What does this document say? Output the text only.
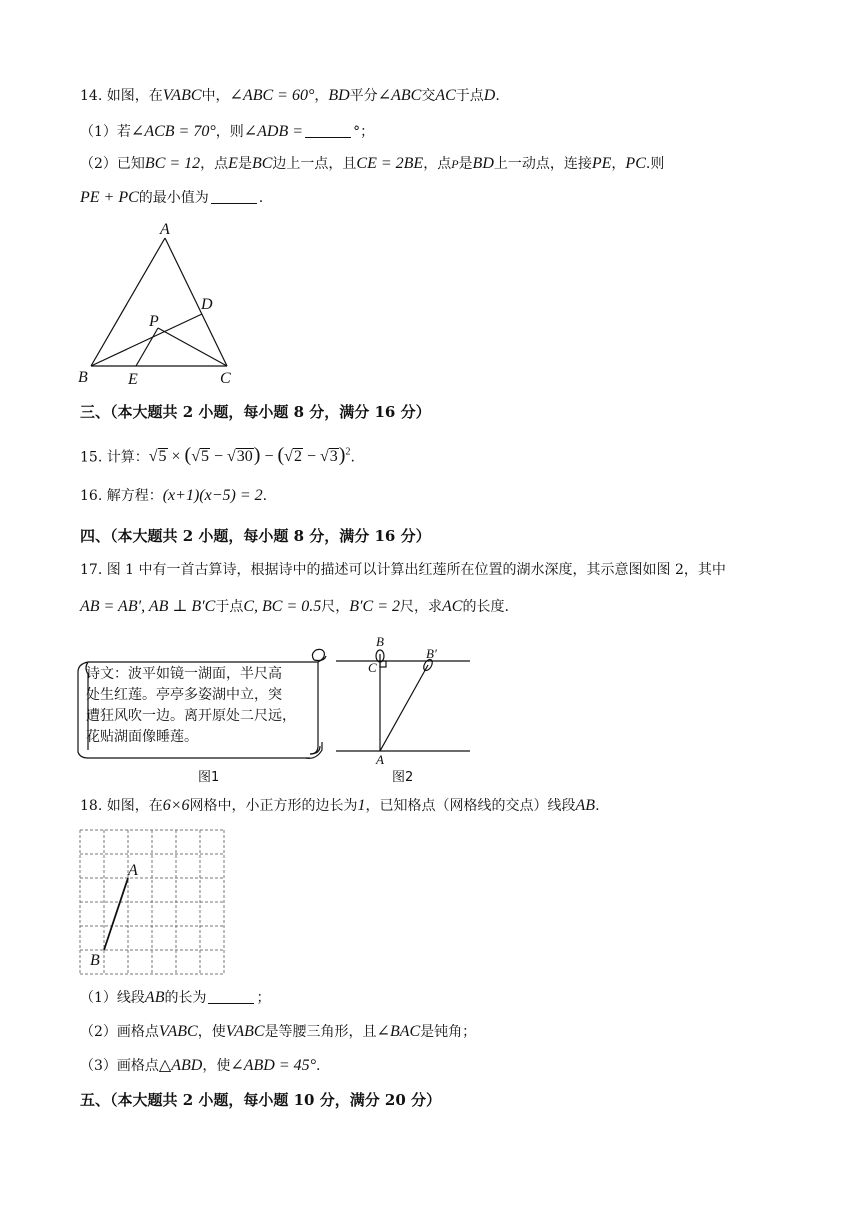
14. 如图，在VABC中，∠ABC = 60°，BD平分∠ABC交AC于点D.
（1）若∠ACB = 70°，则∠ADB =	°；
（2）已知BC = 12，点E是BC边上一点，且CE = 2BE，点P是BD上一动点，连接PE，PC.则
PE + PC的最小值为	.
A
B	C
D
E
P
三、（本大题共 2 小题，每小题 8 分，满分 16 分）
15. 计算：$√5 \times (√5 - √30) - (√2 - √3)^2$.
16. 解方程：(x+1)(x−5) = 2.
四、（本大题共 2 小题，每小题 8 分，满分 16 分）
17. 图 1 中有一首古算诗，根据诗中的描述可以计算出红莲所在位置的湖水深度，其示意图如图 2，其中
AB = AB′, AB ⊥ B′C于点C, BC = 0.5尺，B′C = 2尺，求AC的长度.
诗文：波平如镜一湖面，半尺高
处生红莲。亭亭多姿湖中立，突
遭狂风吹一边。离开原处二尺远，
花贴湖面像睡莲。
图1
B
B′
C
A
图2
18. 如图，在6×6网格中，小正方形的边长为1，已知格点（网格线的交点）线段AB.
A
B
（1）线段AB的长为	；
（2）画格点VABC，使VABC是等腰三角形，且∠BAC是钝角；
（3）画格点△ABD，使∠ABD = 45°.
五、（本大题共 2 小题，每小题 10 分，满分 20 分）
